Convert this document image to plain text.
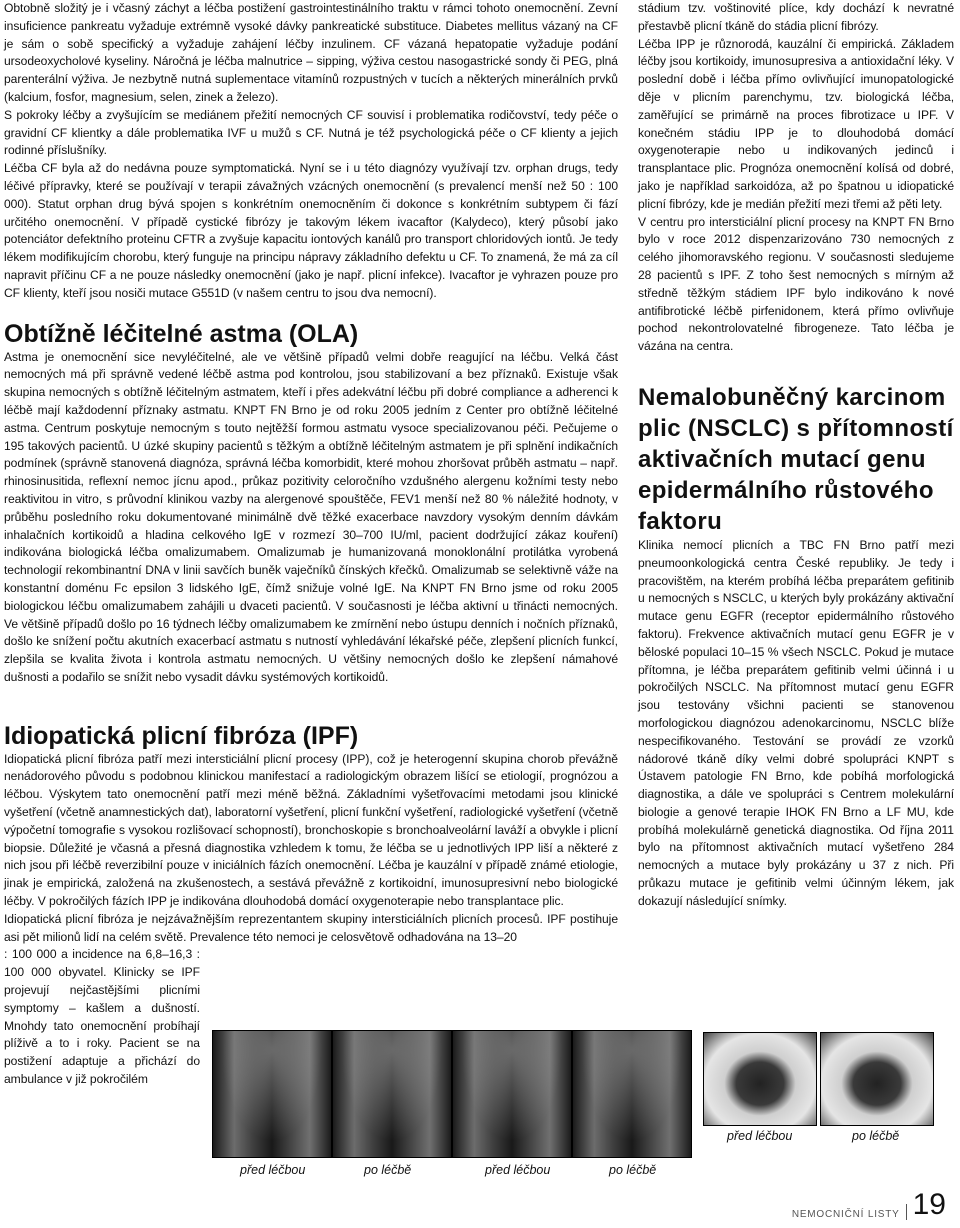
Obtobně složitý je i včasný záchyt a léčba postižení gastrointestinálního traktu v rámci tohoto onemocnění. Zevní insuficience pankreatu vyžaduje extrémně vysoké dávky pankreatické substituce. Diabetes mellitus vázaný na CF je sám o sobě specifický a vyžaduje zahájení léčby inzulinem. CF vázaná hepatopatie vyžaduje podání ursodeoxycholové kyseliny. Náročná je léčba malnutrice – sipping, výživa cestou nasogastrické sondy či PEG, plná parenterální výživa. Je nezbytně nutná suplementace vitamínů rozpustných v tucích a některých minerálních prvků (kalcium, fosfor, magnesium, selen, zinek a železo).

S pokroky léčby a zvyšujícím se mediánem přežití nemocných CF souvisí i problematika rodičovství, tedy péče o gravidní CF klientky a dále problematika IVF u mužů s CF. Nutná je též psychologická péče o CF klienty a jejich rodinné příslušníky.

Léčba CF byla až do nedávna pouze symptomatická. Nyní se i u této diagnózy využívají tzv. orphan drugs, tedy léčivé přípravky, které se používají v terapii závažných vzácných onemocnění (s prevalencí menší než 50 : 100 000). Statut orphan drug bývá spojen s konkrétním onemocněním či dokonce s konkrétním subtypem či fází určitého onemocnění. V případě cystické fibrózy je takovým lékem ivacaftor (Kalydeco), který působí jako potenciátor defektního proteinu CFTR a zvyšuje kapacitu iontových kanálů pro transport chloridových iontů. Je tedy lékem modifikujícím chorobu, který funguje na principu nápravy základního defektu u CF. To znamená, že má za cíl napravit příčinu CF a ne pouze následky onemocnění (jako je např. plicní infekce). Ivacaftor je vyhrazen pouze pro CF klienty, kteří jsou nosiči mutace G551D (v našem centru to jsou dva nemocní).

Obtížně léčitelné astma (OLA)

Astma je onemocnění sice nevyléčitelné, ale ve většině případů velmi dobře reagující na léčbu. Velká část nemocných má při správně vedené léčbě astma pod kontrolou, jsou stabilizovaní a bez příznaků. Existuje však skupina nemocných s obtížně léčitelným astmatem, kteří i přes adekvátní léčbu při dobré compliance a adherenci k léčbě mají každodenní příznaky astmatu. KNPT FN Brno je od roku 2005 jedním z Center pro obtížně léčitelné astma. Centrum poskytuje nemocným s touto nejtěžší formou astmatu vysoce specializovanou péči. Pečujeme o 195 takových pacientů. U úzké skupiny pacientů s těžkým a obtížně léčitelným astmatem je při splnění indikačních podmínek (správně stanovená diagnóza, správná léčba komorbidit, které mohou zhoršovat průběh astmatu – např. rhinosinusitida, reflexní nemoc jícnu apod., průkaz pozitivity celoročního vzdušného alergenu kožními testy nebo reaktivitou in vitro, s průvodní klinikou vazby na alergenové spouštěče, FEV1 menší než 80 % náležité hodnoty, v průběhu posledního roku dokumentované minimálně dvě těžké exacerbace navzdory vysokým denním dávkám inhalačních kortikoidů a hladina celkového IgE v rozmezí 30–700 IU/ml, pacient dodržující zákaz kouření) indikována biologická léčba omalizumabem. Omalizumab je humanizovaná monoklonální protilátka vyrobená technologií rekombinantní DNA v linii savčích buněk vaječníků čínských křečků. Omalizumab se selektivně váže na konstantní doménu Fc epsilon 3 lidského IgE, čímž snižuje volné IgE. Na KNPT FN Brno jsme od roku 2005 biologickou léčbu omalizumabem zahájili u dvaceti pacientů. V současnosti je léčba aktivní u třinácti nemocných. Ve většině případů došlo po 16 týdnech léčby omalizumabem ke zmírnění nebo ústupu denních i nočních příznaků, došlo ke snížení počtu akutních exacerbací astmatu s nutností vyhledávání lékařské péče, zlepšení plicních funkcí, zlepšila se kvalita života i kontrola astmatu nemocných. U většiny nemocných došlo ke zlepšení námahové dušnosti a podařilo se snížit nebo vysadit dávku systémových kortikoidů.

Idiopatická plicní fibróza (IPF)

Idiopatická plicní fibróza patří mezi intersticiální plicní procesy (IPP), což je heterogenní skupina chorob převážně nenádorového původu s podobnou klinickou manifestací a radiologickým obrazem lišící se etiologií, prognózou a léčbou. Výskytem tato onemocnění patří mezi méně běžná. Základními vyšetřovacími metodami jsou klinické vyšetření (včetně anamnestických dat), laboratorní vyšetření, plicní funkční vyšetření, radiologické vyšetření (včetně výpočetní tomografie s vysokou rozlišovací schopností), bronchoskopie s bronchoalveolární laváží a obvykle i plicní biopsie. Důležité je včasná a přesná diagnostika vzhledem k tomu, že léčba se u jednotlivých IPP liší a některé z nich jsou při léčbě reverzibilní pouze v iniciálních fázích onemocnění. Léčba je kauzální v případě známé etiologie, jinak je empirická, založená na zkušenostech, a sestává převážně z kortikoidní, imunosupresivní nebo biologické léčby. V pokročilých fázích IPP je indikována dlouhodobá domácí oxygenoterapie nebo transplantace plic.

Idiopatická plicní fibróza je nejzávažnějším reprezentantem skupiny intersticiálních plicních procesů. IPF postihuje asi pět milionů lidí na celém světě. Prevalence této nemoci je celosvětově odhadována na 13–20

: 100 000 a incidence na 6,8–16,3 : 100 000 obyvatel. Klinicky se IPF projevují nejčastějšími plicními symptomy – kašlem a dušností. Mnohdy tato onemocnění probíhají plíživě a to i roky. Pacient se na postižení adaptuje a přichází do ambulance v již pokročilém

stádium tzv. voštinovité plíce, kdy dochází k nevratné přestavbě plicní tkáně do stádia plicní fibrózy.

Léčba IPP je různorodá, kauzální či empirická. Základem léčby jsou kortikoidy, imunosupresiva a antioxidační léky. V poslední době i léčba přímo ovlivňující imunopatologické děje v plicním parenchymu, tzv. biologická léčba, zaměřující se primárně na proces fibrotizace u IPF. V konečném stádiu IPP je to dlouhodobá domácí oxygenoterapie nebo u indikovaných jedinců i transplantace plic. Prognóza onemocnění kolísá od dobré, jako je například sarkoidóza, až po špatnou u idiopatické plicní fibrózy, kde je medián přežití mezi třemi až pěti lety.

V centru pro intersticiální plicní procesy na KNPT FN Brno bylo v roce 2012 dispenzarizováno 730 nemocných z celého jihomoravského regionu. V současnosti sledujeme 28 pacientů s IPF. Z toho šest nemocných s mírným až středně těžkým stádiem IPF bylo indikováno k nové antifibrotické léčbě pirfenidonem, která přímo ovlivňuje pochod nekontrolovatelné fibrogeneze. Tato léčba je vázána na centra.

Nemalobuněčný karcinom plic (NSCLC) s přítomností aktivačních mutací genu epidermálního růstového faktoru

Klinika nemocí plicních a TBC FN Brno patří mezi pneumoonkologická centra České republiky. Je tedy i pracovištěm, na kterém probíhá léčba preparátem gefitinib u nemocných s NSCLC, u kterých byly prokázány aktivační mutace genu EGFR (receptor epidermálního růstového faktoru). Frekvence aktivačních mutací genu EGFR je v běloské populaci 10–15 % všech NSCLC. Pokud je mutace přítomna, je léčba preparátem gefitinib velmi účinná i u pokročilých NSCLC. Na přítomnost mutací genu EGFR jsou testovány všichni pacienti se stanovenou morfologickou diagnózou adenokarcinomu, NSCLC blíže nespecifikovaného. Testování se provádí ze vzorků nádorové tkáně díky velmi dobré spolupráci KNPT s Ústavem patologie FN Brno, kde pobíhá morfologická diagnostika, a dále ve spolupráci s Centrem molekulární biologie a genové terapie IHOK FN Brno a LF MU, kde probíhá molekulárně genetická diagnostika. Od října 2011 bylo na přítomnost aktivačních mutací vyšetřeno 284 nemocných a mutace byly prokázány u 37 z nich. Při průkazu mutace je gefitinib velmi účinným lékem, jak dokazují následující snímky.

před léčbou	po léčbě
před léčbou	po léčbě	před léčbou	po léčbě
NEMOCNIČNÍ LISTY 19
